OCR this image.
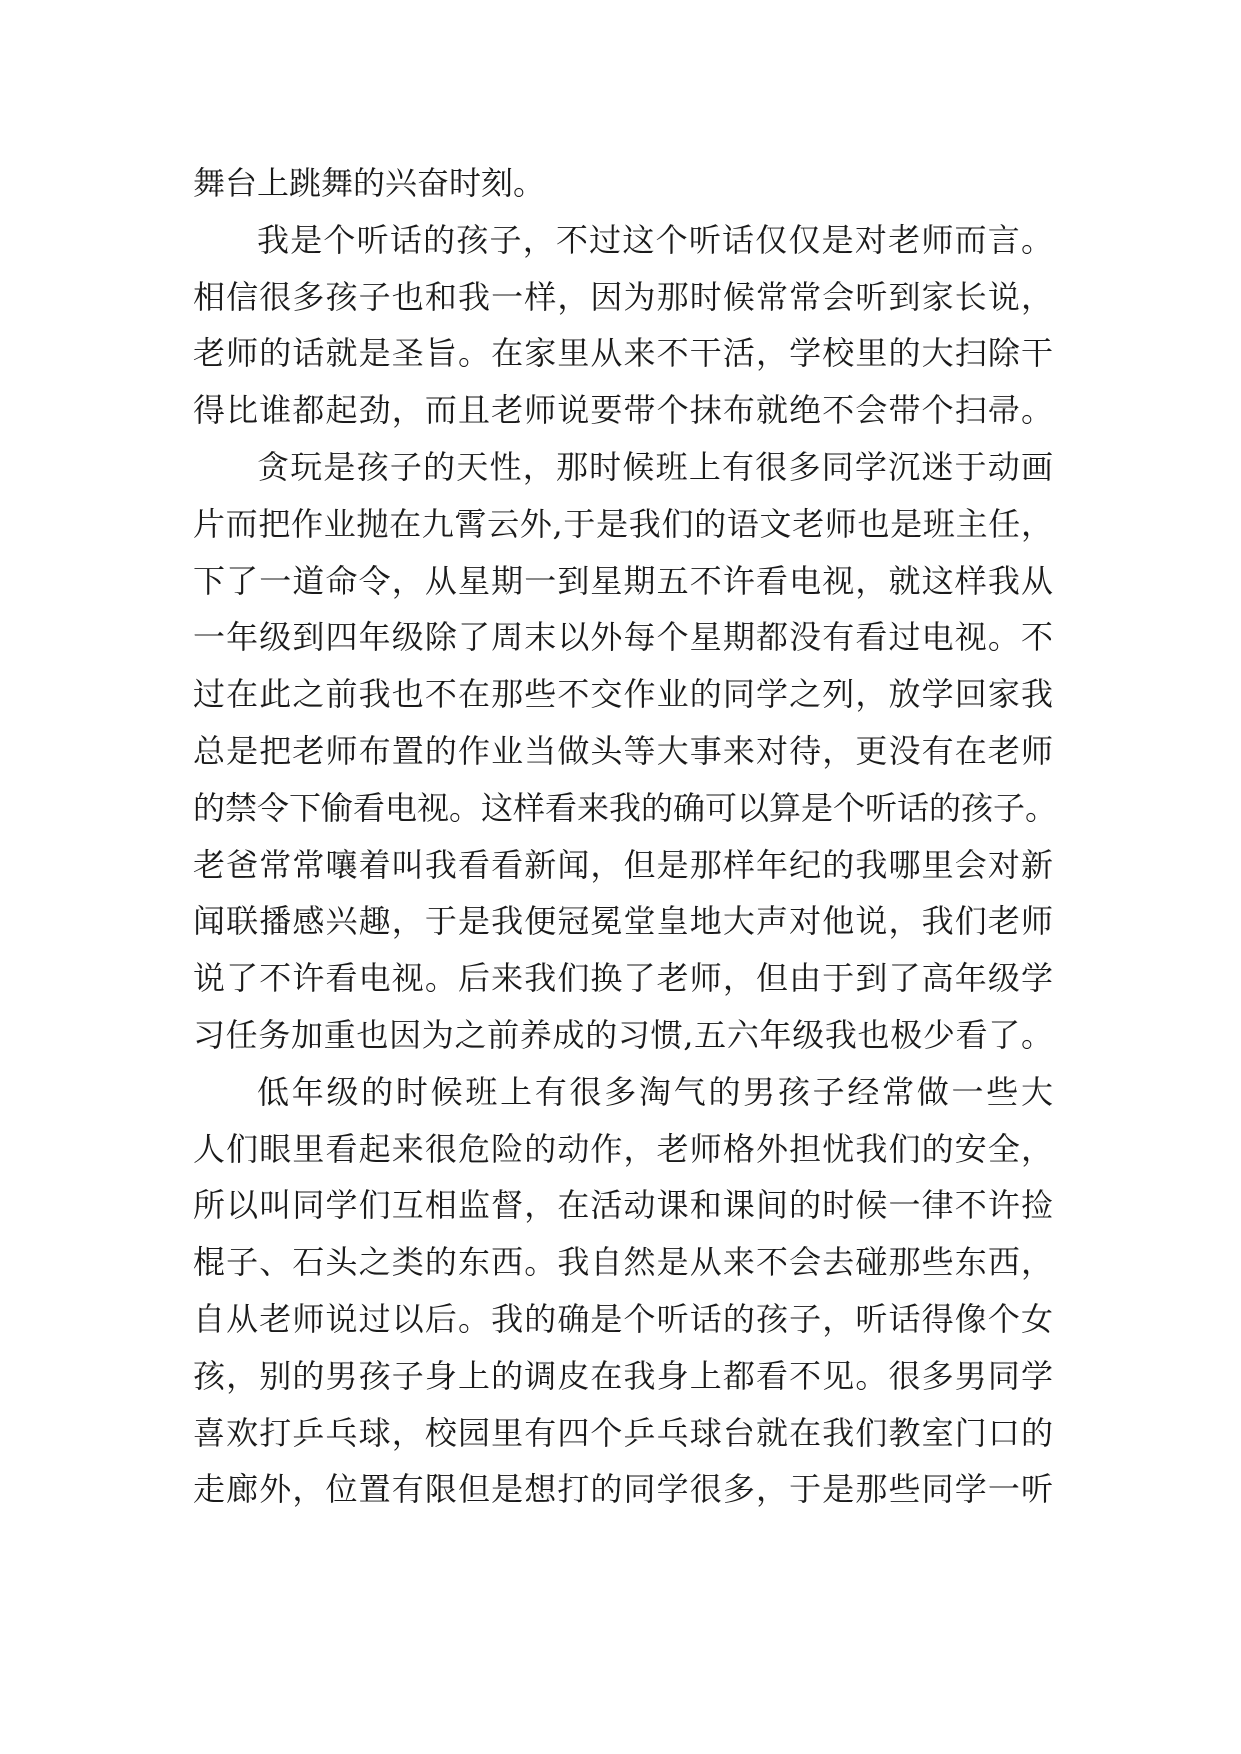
舞台上跳舞的兴奋时刻。
我是个听话的孩子，不过这个听话仅仅是对老师而言。
相信很多孩子也和我一样，因为那时候常常会听到家长说，
老师的话就是圣旨。在家里从来不干活，学校里的大扫除干
得比谁都起劲，而且老师说要带个抹布就绝不会带个扫帚。
贪玩是孩子的天性，那时候班上有很多同学沉迷于动画
片而把作业抛在九霄云外,于是我们的语文老师也是班主任，
下了一道命令，从星期一到星期五不许看电视，就这样我从
一年级到四年级除了周末以外每个星期都没有看过电视。不
过在此之前我也不在那些不交作业的同学之列，放学回家我
总是把老师布置的作业当做头等大事来对待，更没有在老师
的禁令下偷看电视。这样看来我的确可以算是个听话的孩子。
老爸常常嚷着叫我看看新闻，但是那样年纪的我哪里会对新
闻联播感兴趣，于是我便冠冕堂皇地大声对他说，我们老师
说了不许看电视。后来我们换了老师，但由于到了高年级学
习任务加重也因为之前养成的习惯,五六年级我也极少看了。
低年级的时候班上有很多淘气的男孩子经常做一些大
人们眼里看起来很危险的动作，老师格外担忧我们的安全，
所以叫同学们互相监督，在活动课和课间的时候一律不许捡
棍子、石头之类的东西。我自然是从来不会去碰那些东西，
自从老师说过以后。我的确是个听话的孩子，听话得像个女
孩，别的男孩子身上的调皮在我身上都看不见。很多男同学
喜欢打乒乓球，校园里有四个乒乓球台就在我们教室门口的
走廊外，位置有限但是想打的同学很多，于是那些同学一听
